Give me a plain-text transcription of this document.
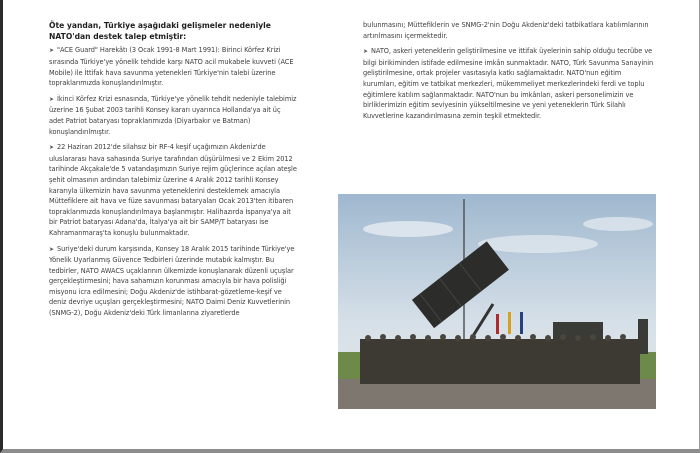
Öte yandan, Türkiye aşağıdaki gelişmeler nedeniyle NATO'dan destek talep etmiştir:

➤ "ACE Guard" Harekâtı (3 Ocak 1991-8 Mart 1991): Birinci Körfez Krizi sırasında Türkiye'ye yönelik tehdide karşı NATO acil mukabele kuvveti (ACE Mobile) ile İttifak hava savunma yetenekleri Türkiye'nin talebi üzerine topraklarımızda konuşlandırılmıştır.

➤ İkinci Körfez Krizi esnasında, Türkiye'ye yönelik tehdit nedeniyle talebimiz üzerine 16 Şubat 2003 tarihli Konsey kararı uyarınca Hollanda'ya ait üç adet Patriot bataryası topraklarımızda (Diyarbakır ve Batman) konuşlandırılmıştır.

➤ 22 Haziran 2012'de silahsız bir RF-4 keşif uçağımızın Akdeniz'de uluslararası hava sahasında Suriye tarafından düşürülmesi ve 2 Ekim 2012 tarihinde Akçakale'de 5 vatandaşımızın Suriye rejim güçlerince açılan ateşle şehit olmasının ardından talebimiz üzerine 4 Aralık 2012 tarihli Konsey kararıyla ülkemizin hava savunma yeteneklerini desteklemek amacıyla Müttefiklere ait hava ve füze savunması bataryaları Ocak 2013'ten itibaren topraklarımızda konuşlandırılmaya başlanmıştır. Halihazırda İspanya'ya ait bir Patriot bataryası Adana'da, İtalya'ya ait bir SAMP/T bataryası ise Kahramanmaraş'ta konuşlu bulunmaktadır.

➤ Suriye'deki durum karşısında, Konsey 18 Aralık 2015 tarihinde Türkiye'ye Yönelik Uyarlanmış Güvence Tedbirleri üzerinde mutabık kalmıştır. Bu tedbirler, NATO AWACS uçaklarının ülkemizde konuşlanarak düzenli uçuşlar gerçekleştirmesini; hava sahamızın korunması amacıyla bir hava polisliği misyonu icra edilmesini; Doğu Akdeniz'de istihbarat-gözetleme-keşif ve deniz devriye uçuşları gerçekleştirmesini; NATO Daimi Deniz Kuvvetlerinin (SNMG-2), Doğu Akdeniz'deki Türk limanlarına ziyaretlerde

bulunmasını; Müttefiklerin ve SNMG-2'nin Doğu Akdeniz'deki tatbikatlara katılımlarının artırılmasını içermektedir.

➤ NATO, askeri yeteneklerin geliştirilmesine ve ittifak üyelerinin sahip olduğu tecrübe ve bilgi birikiminden istifade edilmesine imkân sunmaktadır. NATO, Türk Savunma Sanayinin geliştirilmesine, ortak projeler vasıtasıyla katkı sağlamaktadır. NATO'nun eğitim kurumları, eğitim ve tatbikat merkezleri, mükemmeliyet merkezlerindeki ferdi ve toplu eğitimlere katılım sağlanmaktadır. NATO'nun bu imkânları, askeri personelimizin ve birliklerimizin eğitim seviyesinin yükseltilmesine ve yeni yeteneklerin Türk Silahlı Kuvvetlerine kazandırılmasına zemin teşkil etmektedir.
